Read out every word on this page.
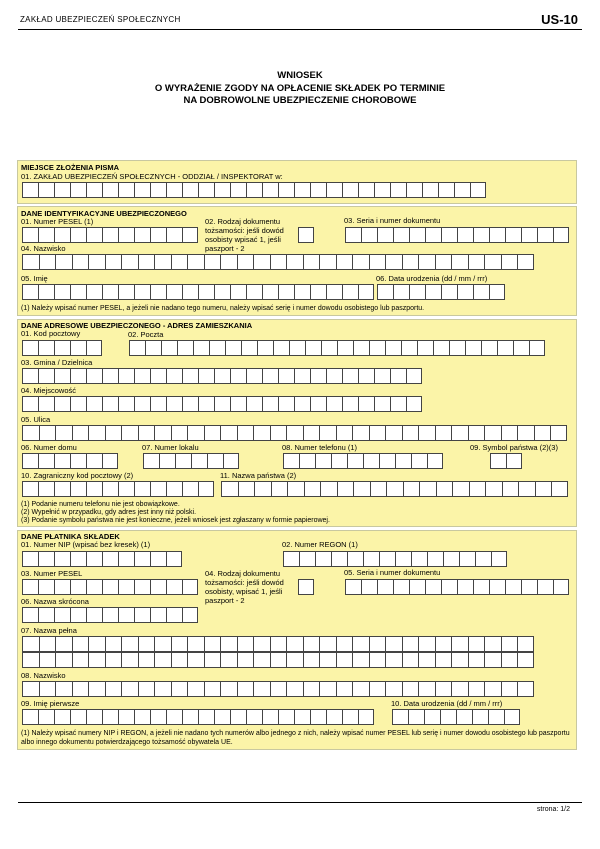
ZAKŁAD UBEZPIECZEŃ SPOŁECZNYCH	US-10
WNIOSEK
O WYRAŻENIE ZGODY NA OPŁACENIE SKŁADEK PO TERMINIE
NA DOBROWOLNE UBEZPIECZENIE CHOROBOWE
MIEJSCE ZŁOŻENIA PISMA
01. ZAKŁAD UBEZPIECZEŃ SPOŁECZNYCH - ODDZIAŁ / INSPEKTORAT w:
DANE IDENTYFIKACYJNE UBEZPIECZONEGO
01. Numer PESEL (1)	02. Rodzaj dokumentu tożsamości: jeśli dowód osobisty wpisać 1, jeśli paszport - 2
03. Seria i numer dokumentu
04. Nazwisko
05. Imię	06. Data urodzenia (dd / mm / rrr)
(1) Należy wpisać numer PESEL, a jeżeli nie nadano tego numeru, należy wpisać serię i numer dowodu osobistego lub paszportu.
DANE ADRESOWE UBEZPIECZONEGO - ADRES ZAMIESZKANIA
01. Kod pocztowy	02. Poczta
03. Gmina / Dzielnica
04. Miejscowość
05. Ulica
06. Numer domu	07. Numer lokalu	08. Numer telefonu (1)	09. Symbol państwa (2)(3)
10. Zagraniczny kod pocztowy (2)	11. Nazwa państwa (2)
(1) Podanie numeru telefonu nie jest obowiązkowe.
(2) Wypełnić w przypadku, gdy adres jest inny niż polski.
(3) Podanie symbolu państwa nie jest konieczne, jeżeli wniosek jest zgłaszany w formie papierowej.
DANE PŁATNIKA SKŁADEK
01. Numer NIP (wpisać bez kresek) (1)	02. Numer REGON (1)
03. Numer PESEL	04. Rodzaj dokumentu tożsamości: jeśli dowód osobisty, wpisać 1, jeśli paszport - 2
05. Seria i numer dokumentu
06. Nazwa skrócona
07. Nazwa pełna
08. Nazwisko
09. Imię pierwsze	10. Data urodzenia (dd / mm / rrr)
(1) Należy wpisać numery NIP i REGON, a jeżeli nie nadano tych numerów albo jednego z nich, należy wpisać numer PESEL lub serię i numer dowodu osobistego lub paszportu albo innego dokumentu potwierdzającego tożsamość obywatela UE.
strona: 1/2
